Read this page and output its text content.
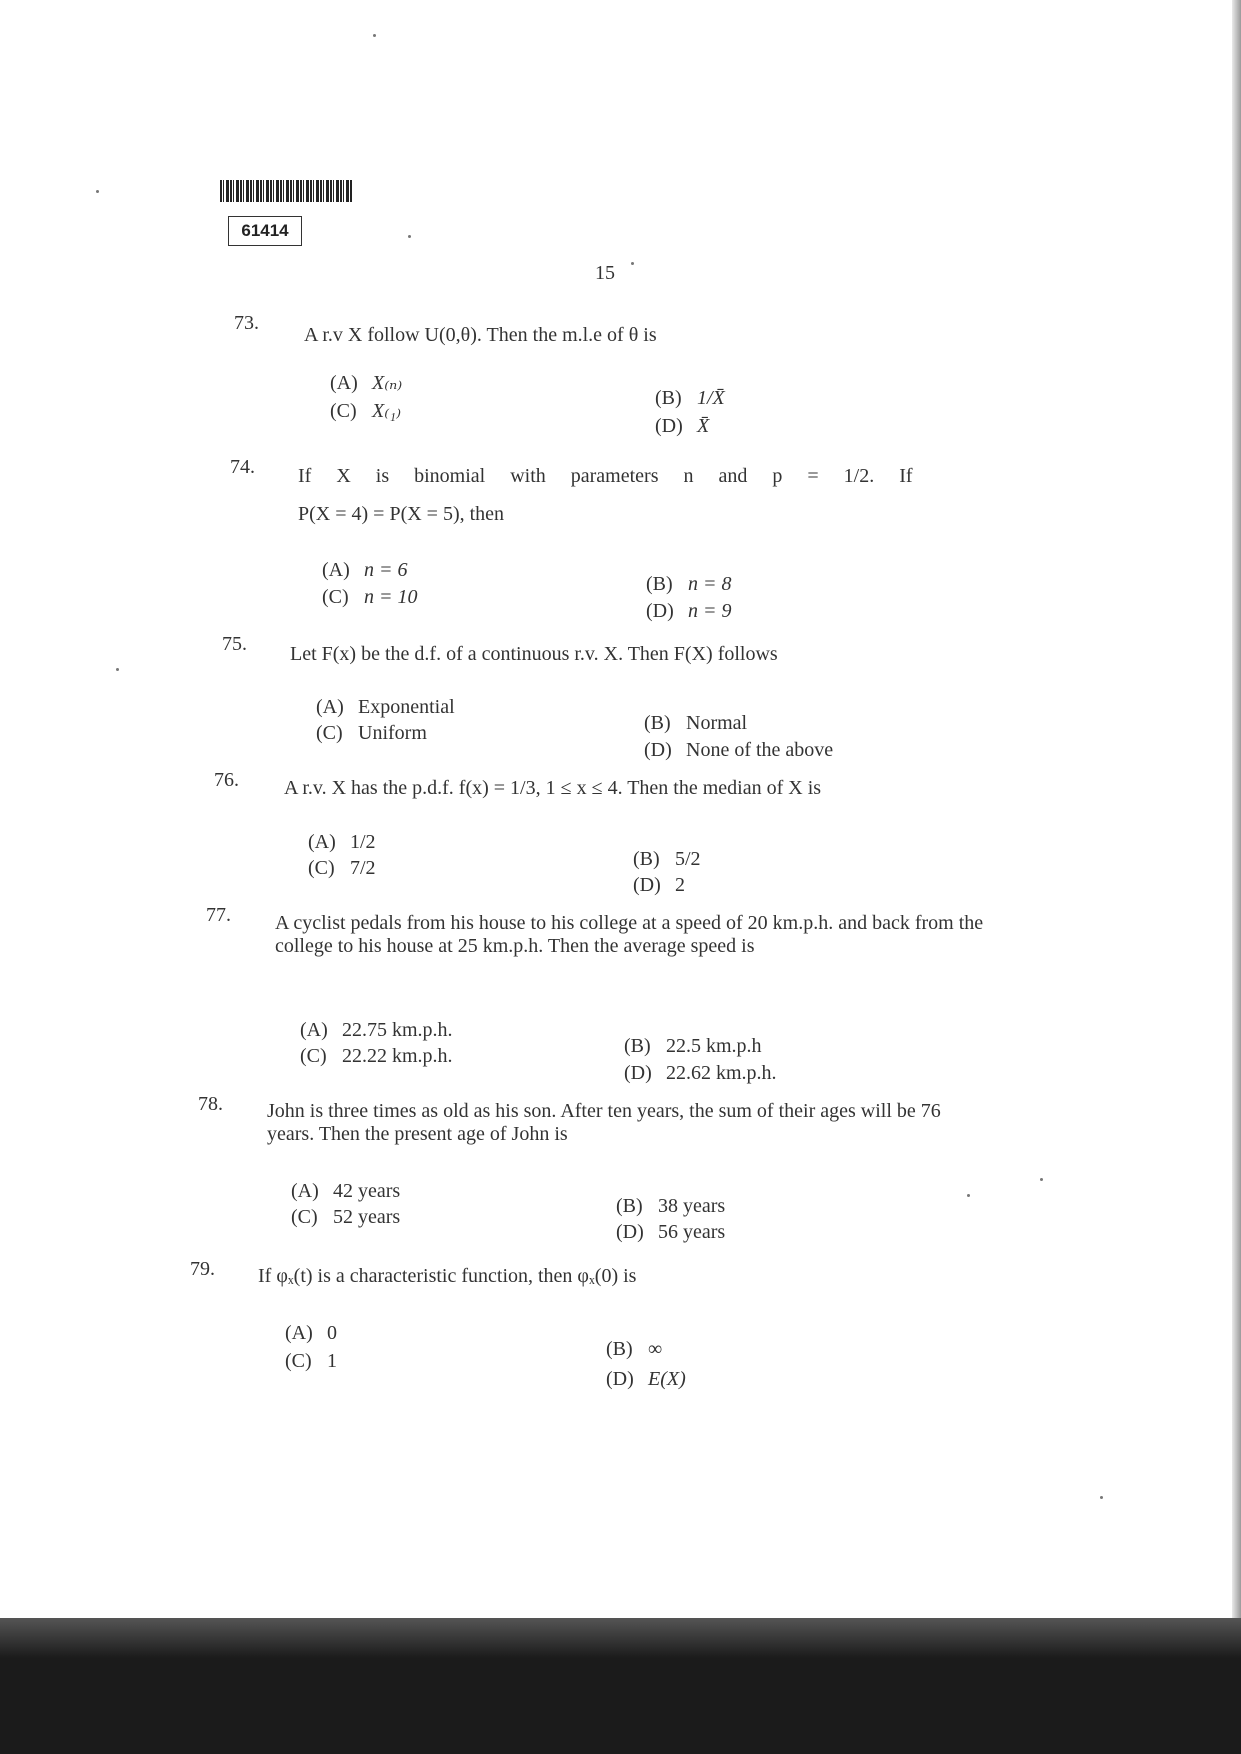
61414
15
73.
A r.v X follow U(0,θ). Then the m.l.e of θ is
(A) X₍ₙ₎
(B) 1/X̄
(C) X₍₁₎
(D) X̄
74. If X is binomial with parameters n and p = 1/2. If
P(X = 4) = P(X = 5), then
(A) n = 6
(B) n = 8
(C) n = 10
(D) n = 9
75. Let F(x) be the d.f. of a continuous r.v. X. Then F(X) follows
(A) Exponential
(B) Normal
(C) Uniform
(D) None of the above
76. A r.v. X has the p.d.f. f(x) = 1/3, 1 ≤ x ≤ 4. Then the median of X is
(A) 1/2
(B) 5/2
(C) 7/2
(D) 2
77. A cyclist pedals from his house to his college at a speed of 20 km.p.h. and back from the college to his house at 25 km.p.h. Then the average speed is
(A) 22.75 km.p.h.
(B) 22.5 km.p.h
(C) 22.22 km.p.h.
(D) 22.62 km.p.h.
78. John is three times as old as his son. After ten years, the sum of their ages will be 76 years. Then the present age of John is
(A) 42 years
(B) 38 years
(C) 52 years
(D) 56 years
79. If φₓ(t) is a characteristic function, then φₓ(0) is
(A) 0
(B) ∞
(C) 1
(D) E(X)
